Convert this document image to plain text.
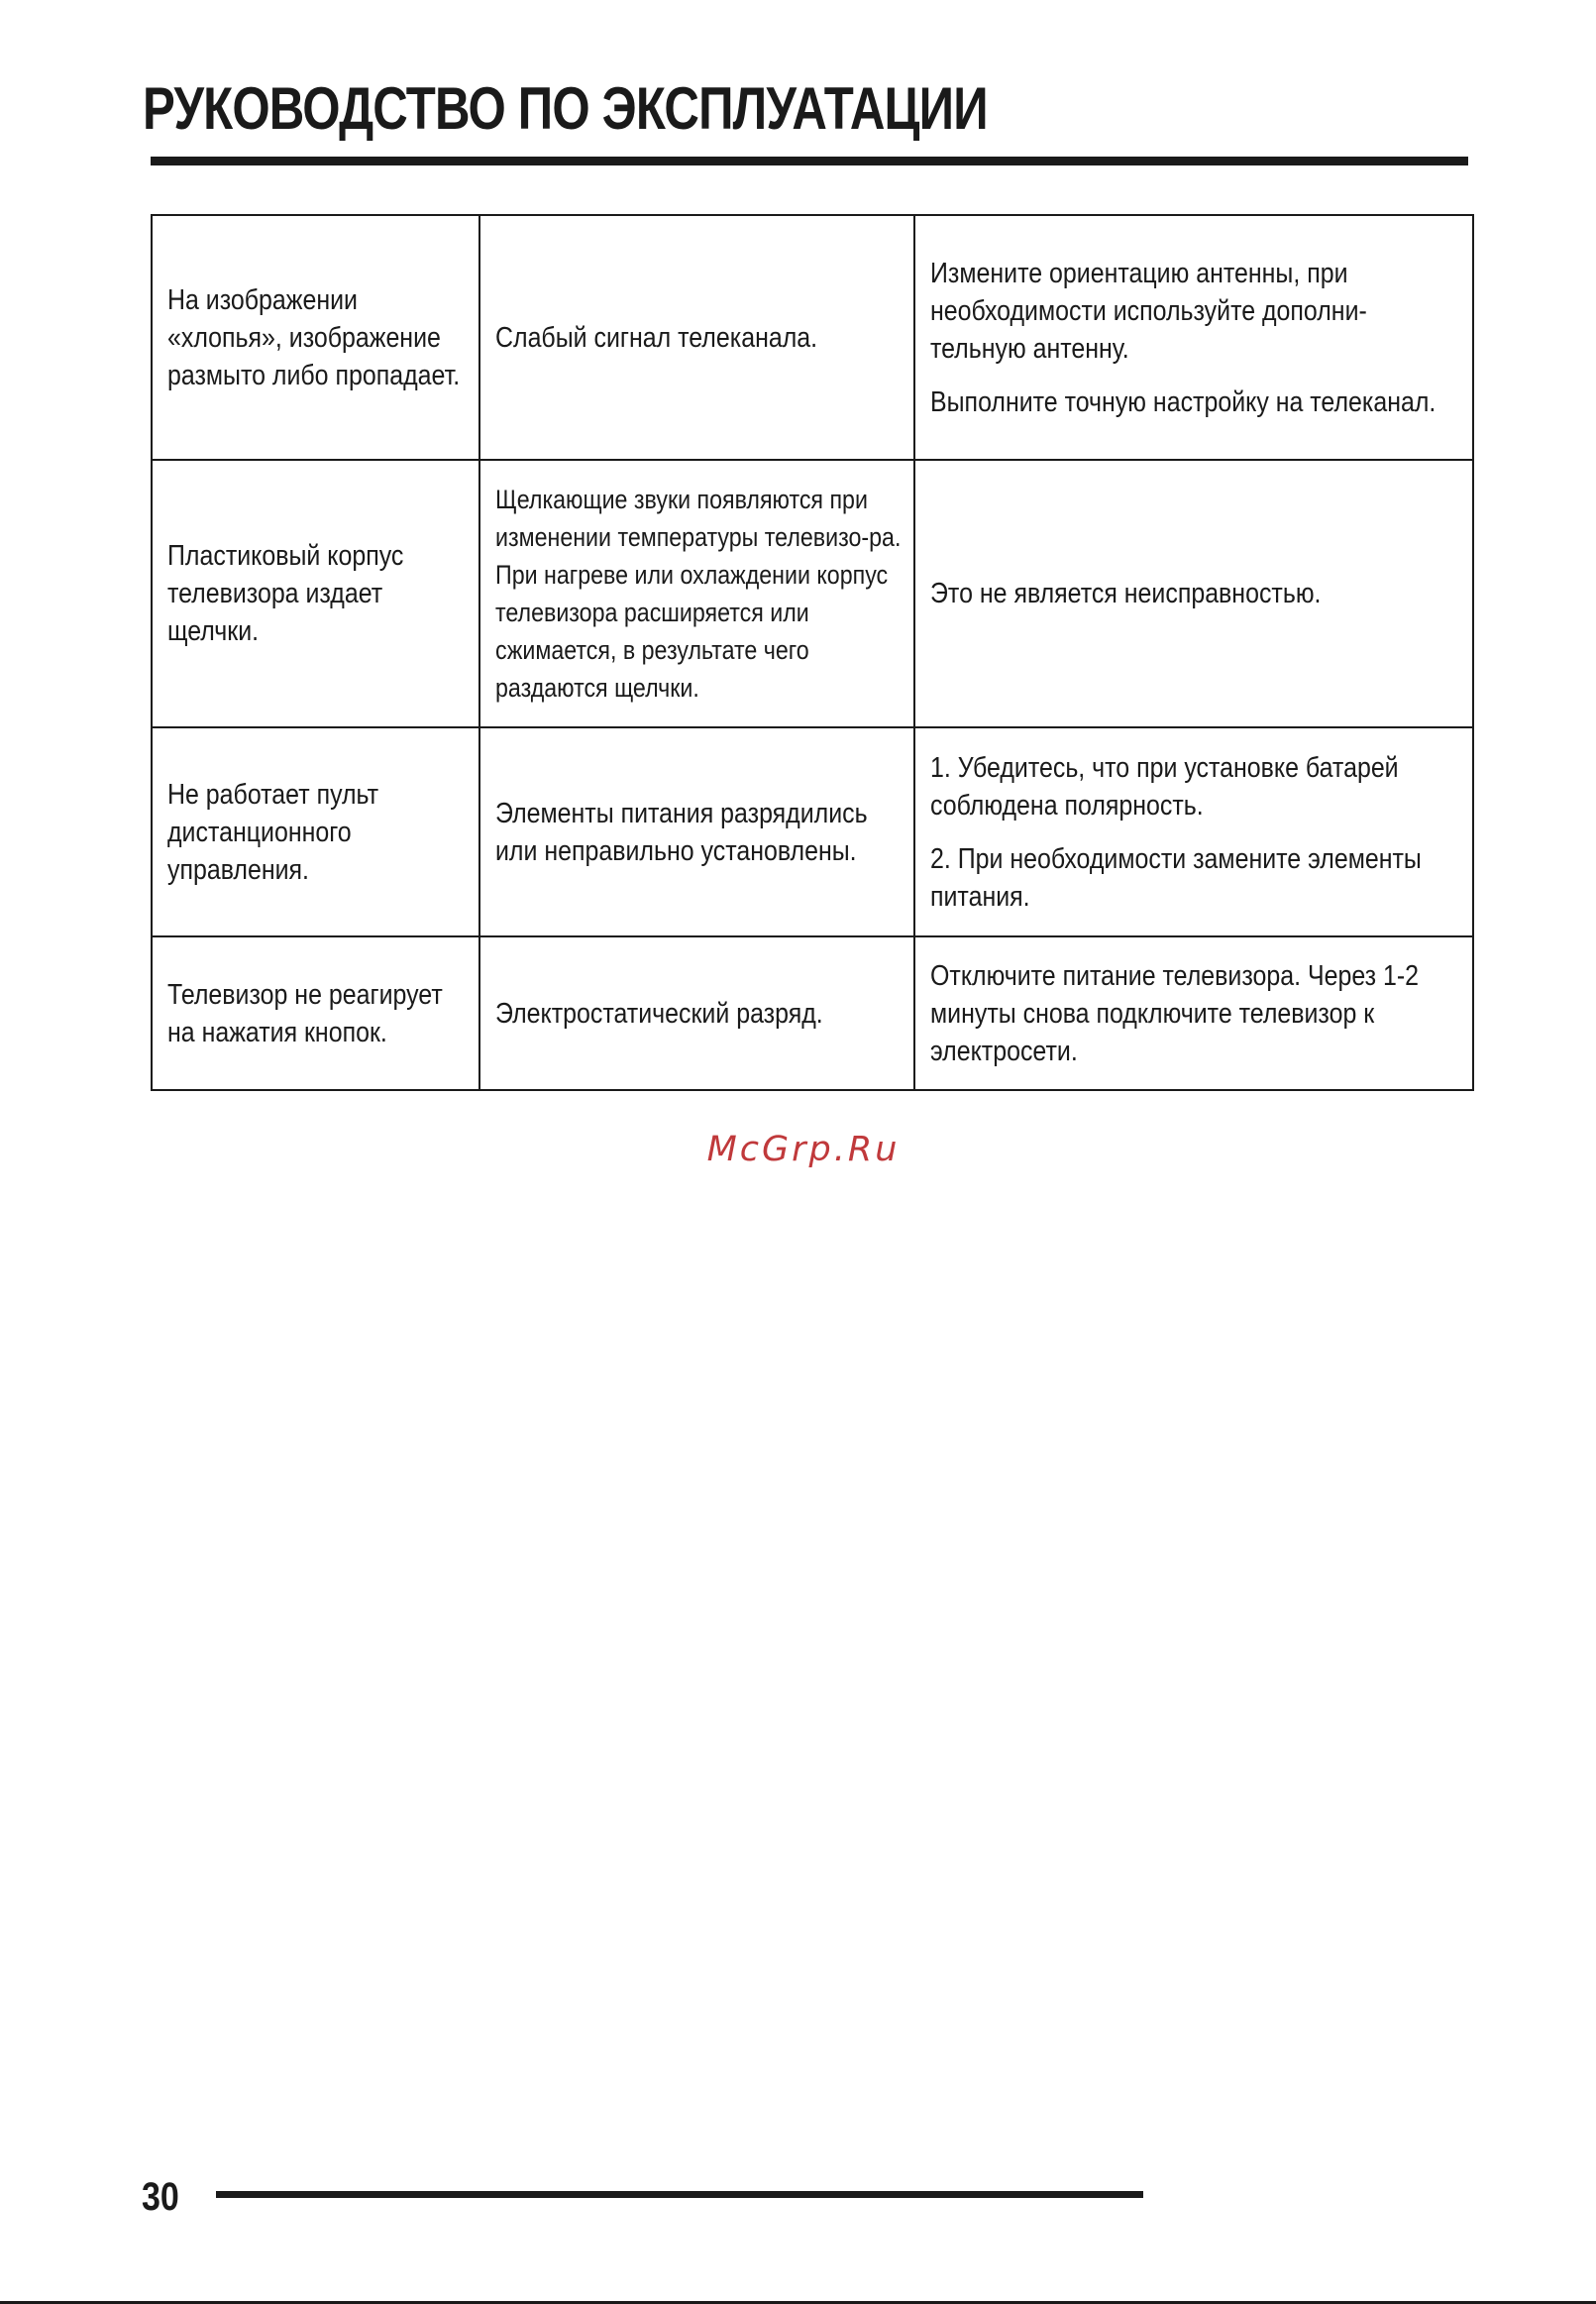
РУКОВОДСТВО ПО ЭКСПЛУАТАЦИИ
На изображении «хлопья», изображение размыто либо пропадает.	Слабый сигнал телеканала.	Измените ориентацию антенны, при необходимости используйте дополни-тельную антенну.
Выполните точную настройку на телеканал.

Пластиковый корпус телевизора издает щелчки.	Щелкающие звуки появляются при изменении температуры телевизо-ра. При нагреве или охлаждении корпус телевизора расширяется или сжимается, в результате чего раздаются щелчки.	Это не является неисправностью.

Не работает пульт дистанционного управления.	Элементы питания разрядились или неправильно установлены.	1. Убедитесь, что при установке батарей соблюдена полярность.
2. При необходимости замените элементы питания.

Телевизор не реагирует на нажатия кнопок.	Электростатический разряд.	Отключите питание телевизора. Через 1-2 минуты снова подключите телевизор к электросети.
McGrp.Ru
30
